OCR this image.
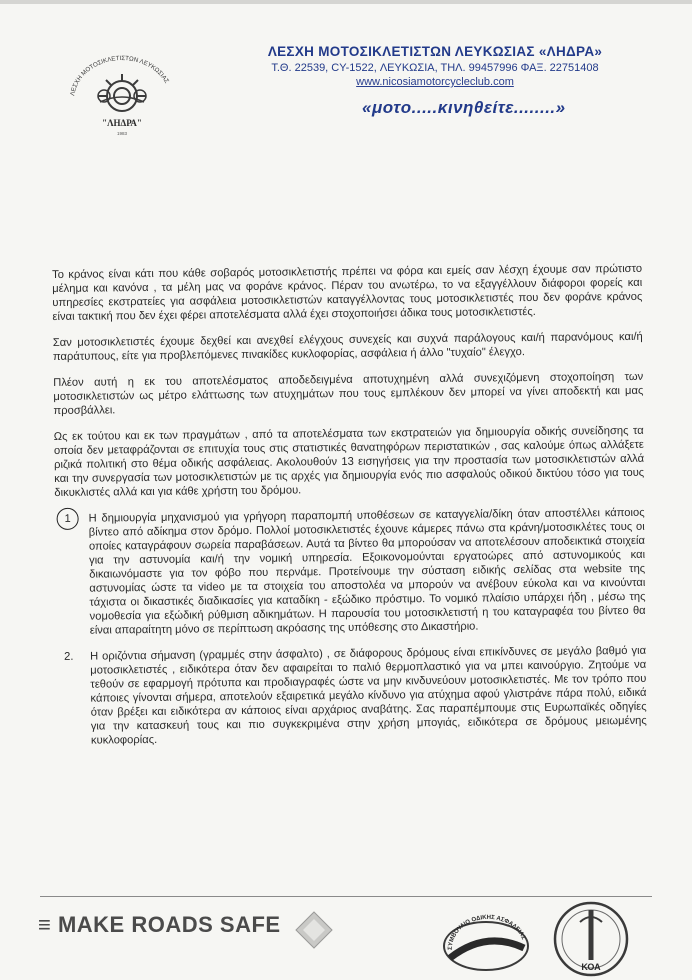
ΛΕΣΧΗ ΜΟΤΟΣΙΚΛΕΤΙΣΤΩΝ ΛΕΥΚΩΣΙΑΣ
"ΛΗΔΡΑ"
1983
ΛΕΣΧΗ ΜΟΤΟΣΙΚΛΕΤΙΣΤΩΝ ΛΕΥΚΩΣΙΑΣ «ΛΗΔΡΑ»
Τ.Θ. 22539, CY-1522, ΛΕΥΚΩΣΙΑ, ΤΗΛ. 99457996 ΦΑΞ. 22751408
www.nicosiamotorcycleclub.com
«μοτο.....κινηθείτε........»

Το κράνος είναι κάτι που κάθε σοβαρός μοτοσικλετιστής πρέπει να φόρα και εμείς σαν λέσχη έχουμε σαν πρώτιστο μέλημα και κανόνα , τα μέλη μας να φοράνε κράνος. Πέραν του ανωτέρω, το να εξαγγέλλουν διάφοροι φορείς και υπηρεσίες εκστρατείες για ασφάλεια μοτοσικλετιστών καταγγέλλοντας τους μοτοσικλετιστές που δεν φοράνε κράνος είναι τακτική που δεν έχει φέρει αποτελέσματα αλλά έχει στοχοποιήσει άδικα τους μοτοσικλετιστές.

Σαν μοτοσικλετιστές έχουμε δεχθεί και ανεχθεί ελέγχους συνεχείς και συχνά παράλογους και/ή παρανόμους και/ή παράτυπους, είτε για προβλεπόμενες πινακίδες κυκλοφορίας, ασφάλεια ή άλλο "τυχαίο" έλεγχο.

Πλέον αυτή η εκ του αποτελέσματος αποδεδειγμένα αποτυχημένη αλλά συνεχιζόμενη στοχοποίηση των μοτοσικλετιστών ως μέτρο ελάττωσης των ατυχημάτων που τους εμπλέκουν δεν μπορεί να γίνει αποδεκτή και μας προσβάλλει.

Ως εκ τούτου και εκ των πραγμάτων , από τα αποτελέσματα των εκστρατειών για δημιουργία οδικής συνείδησης τα οποία δεν μεταφράζονται σε επιτυχία τους στις στατιστικές θανατηφόρων περιστατικών , σας καλούμε όπως αλλάξετε ριζικά πολιτική στο θέμα οδικής ασφάλειας. Ακολουθούν 13 εισηγήσεις για την προστασία των μοτοσικλετιστών αλλά και την συνεργασία των μοτοσικλετιστών με τις αρχές για δημιουργία ενός πιο ασφαλούς οδικού δικτύου τόσο για τους δικυκλιστές αλλά και για κάθε χρήστη του δρόμου.

1	Η δημιουργία μηχανισμού για γρήγορη παραπομπή υποθέσεων σε καταγγελία/δίκη όταν αποστέλλει κάποιος βίντεο από αδίκημα στον δρόμο. Πολλοί μοτοσικλετιστές έχουνε κάμερες πάνω στα κράνη/μοτοσικλέτες τους οι οποίες καταγράφουν σωρεία παραβάσεων. Αυτά τα βίντεο θα μπορούσαν να αποτελέσουν αποδεικτικά στοιχεία για την αστυνομία και/ή την νομική υπηρεσία. Εξοικονομούνται εργατοώρες από αστυνομικούς και δικαιωνόμαστε για τον φόβο που περνάμε. Προτείνουμε την σύσταση ειδικής σελίδας στα website της αστυνομίας ώστε τα video με τα στοιχεία του αποστολέα να μπορούν να ανέβουν εύκολα και να κινούνται τάχιστα οι δικαστικές διαδικασίες για καταδίκη - εξώδικο πρόστιμο. Το νομικό πλαίσιο υπάρχει ήδη , μέσω της νομοθεσία για εξώδική ρύθμιση αδικημάτων. Η παρουσία του μοτοσικλετιστή η του καταγραφέα του βίντεο θα είναι απαραίτητη μόνο σε περίπτωση ακρόασης της υπόθεσης στο Δικαστήριο.
2. Η οριζόντια σήμανση (γραμμές στην άσφαλτο) , σε διάφορους δρόμους είναι επικίνδυνες σε μεγάλο βαθμό για μοτοσικλετιστές , ειδικότερα όταν δεν αφαιρείται το παλιό θερμοπλαστικό για να μπει καινούργιο. Ζητούμε να τεθούν σε εφαρμογή πρότυπα και προδιαγραφές ώστε να μην κινδυνεύουν μοτοσικλετιστές. Με τον τρόπο που κάποιες γίνονται σήμερα, αποτελούν εξαιρετικά μεγάλο κίνδυνο για ατύχημα αφού γλιστράνε πάρα πολύ, ειδικά όταν βρέξει και ειδικότερα αν κάποιος είναι αρχάριος αναβάτης. Σας παραπέμπουμε στις Ευρωπαϊκές οδηγίες για την κατασκευή τους και πιο συγκεκριμένα στην χρήση μπογιάς, ειδικότερα σε δρόμους μειωμένης κυκλοφορίας.
≡ MAKE ROADS SAFE
ΣΥΜΒΟΥΛΙΟ ΟΔΙΚΗΣ ΑΣΦΑΛΕΙΑΣ
ΚΟΑ
